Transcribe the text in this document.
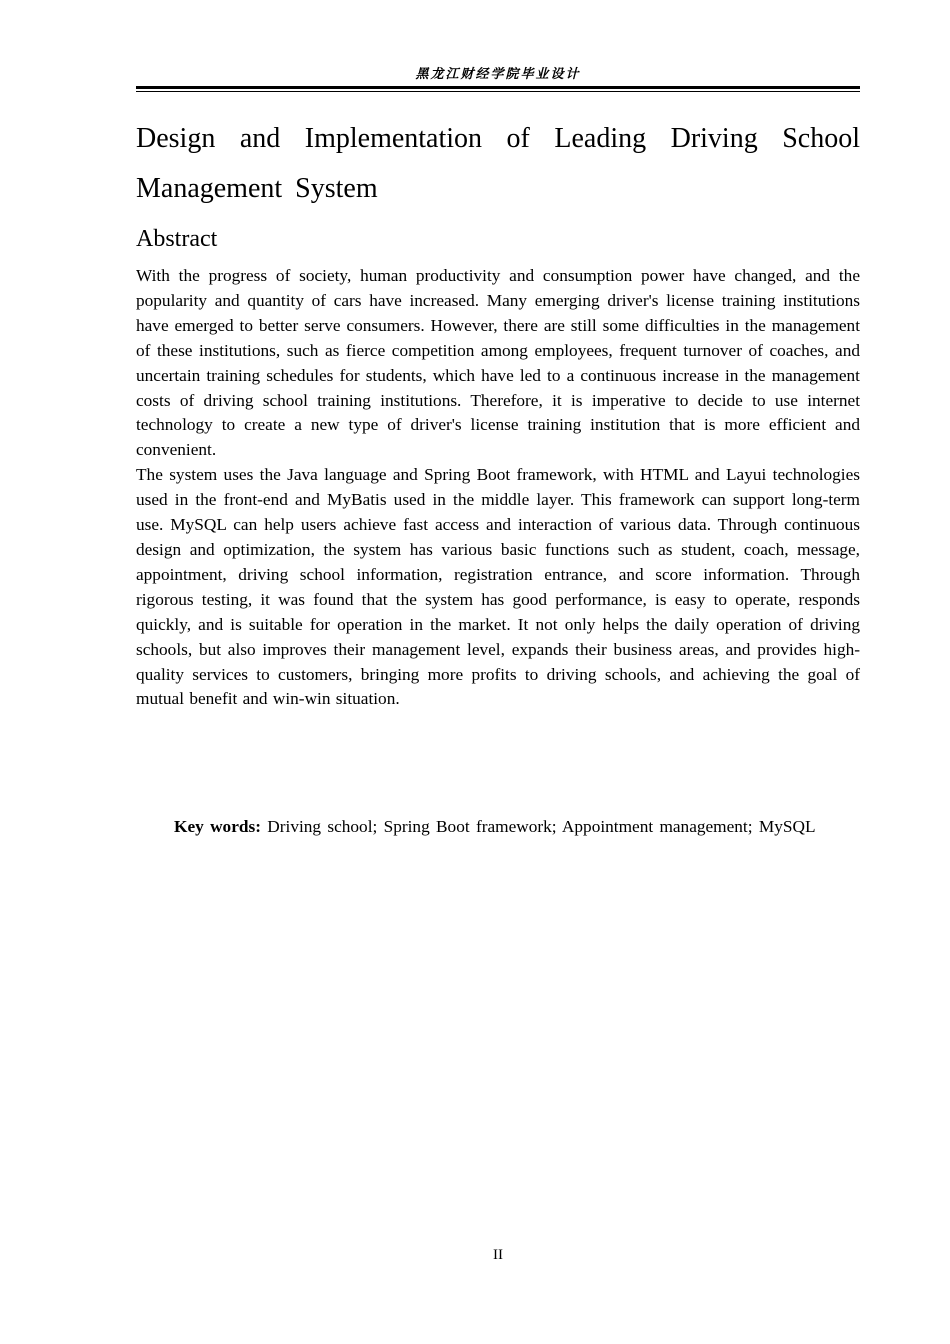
黑龙江财经学院毕业设计
Design and Implementation of Leading Driving School Management System
Abstract

With the progress of society, human productivity and consumption power have changed, and the popularity and quantity of cars have increased. Many emerging driver's license training institutions have emerged to better serve consumers. However, there are still some difficulties in the management of these institutions, such as fierce competition among employees, frequent turnover of coaches, and uncertain training schedules for students, which have led to a continuous increase in the management costs of driving school training institutions. Therefore, it is imperative to decide to use internet technology to create a new type of driver's license training institution that is more efficient and convenient.

The system uses the Java language and Spring Boot framework, with HTML and Layui technologies used in the front-end and MyBatis used in the middle layer. This framework can support long-term use. MySQL can help users achieve fast access and interaction of various data. Through continuous design and optimization, the system has various basic functions such as student, coach, message, appointment, driving school information, registration entrance, and score information. Through rigorous testing, it was found that the system has good performance, is easy to operate, responds quickly, and is suitable for operation in the market. It not only helps the daily operation of driving schools, but also improves their management level, expands their business areas, and provides high-quality services to customers, bringing more profits to driving schools, and achieving the goal of mutual benefit and win-win situation.

Key words: Driving school; Spring Boot framework; Appointment management; MySQL

II
